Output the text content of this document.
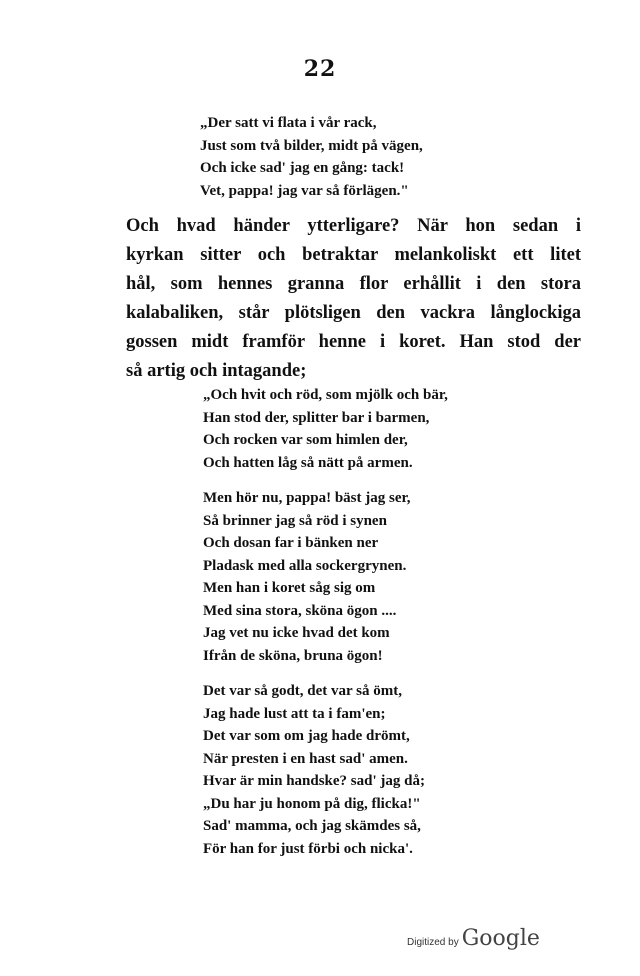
22
„Der satt vi flata i vår rack,
Just som två bilder, midt på vägen,
Och icke sad' jag en gång: tack!
Vet, pappa! jag var så förlägen."
Och hvad händer ytterligare? När hon sedan i
kyrkan sitter och betraktar melankoliskt ett litet
hål, som hennes granna flor erhållit i den stora
kalabaliken, står plötsligen den vackra långlockiga
gossen midt framför henne i koret. Han stod der
så artig och intagande;
„Och hvit och röd, som mjölk och bär,
Han stod der, splitter bar i barmen,
Och rocken var som himlen der,
Och hatten låg så nätt på armen.
Men hör nu, pappa! bäst jag ser,
Så brinner jag så röd i synen
Och dosan far i bänken ner
Pladask med alla sockergrynen.
Men han i koret såg sig om
Med sina stora, sköna ögon ....
Jag vet nu icke hvad det kom
Ifrån de sköna, bruna ögon!
Det var så godt, det var så ömt,
Jag hade lust att ta i fam'en;
Det var som om jag hade drömt,
När presten i en hast sad' amen.
Hvar är min handske? sad' jag då;
„Du har ju honom på dig, flicka!"
Sad' mamma, och jag skämdes så,
För han for just förbi och nicka'.
Digitized by Google
